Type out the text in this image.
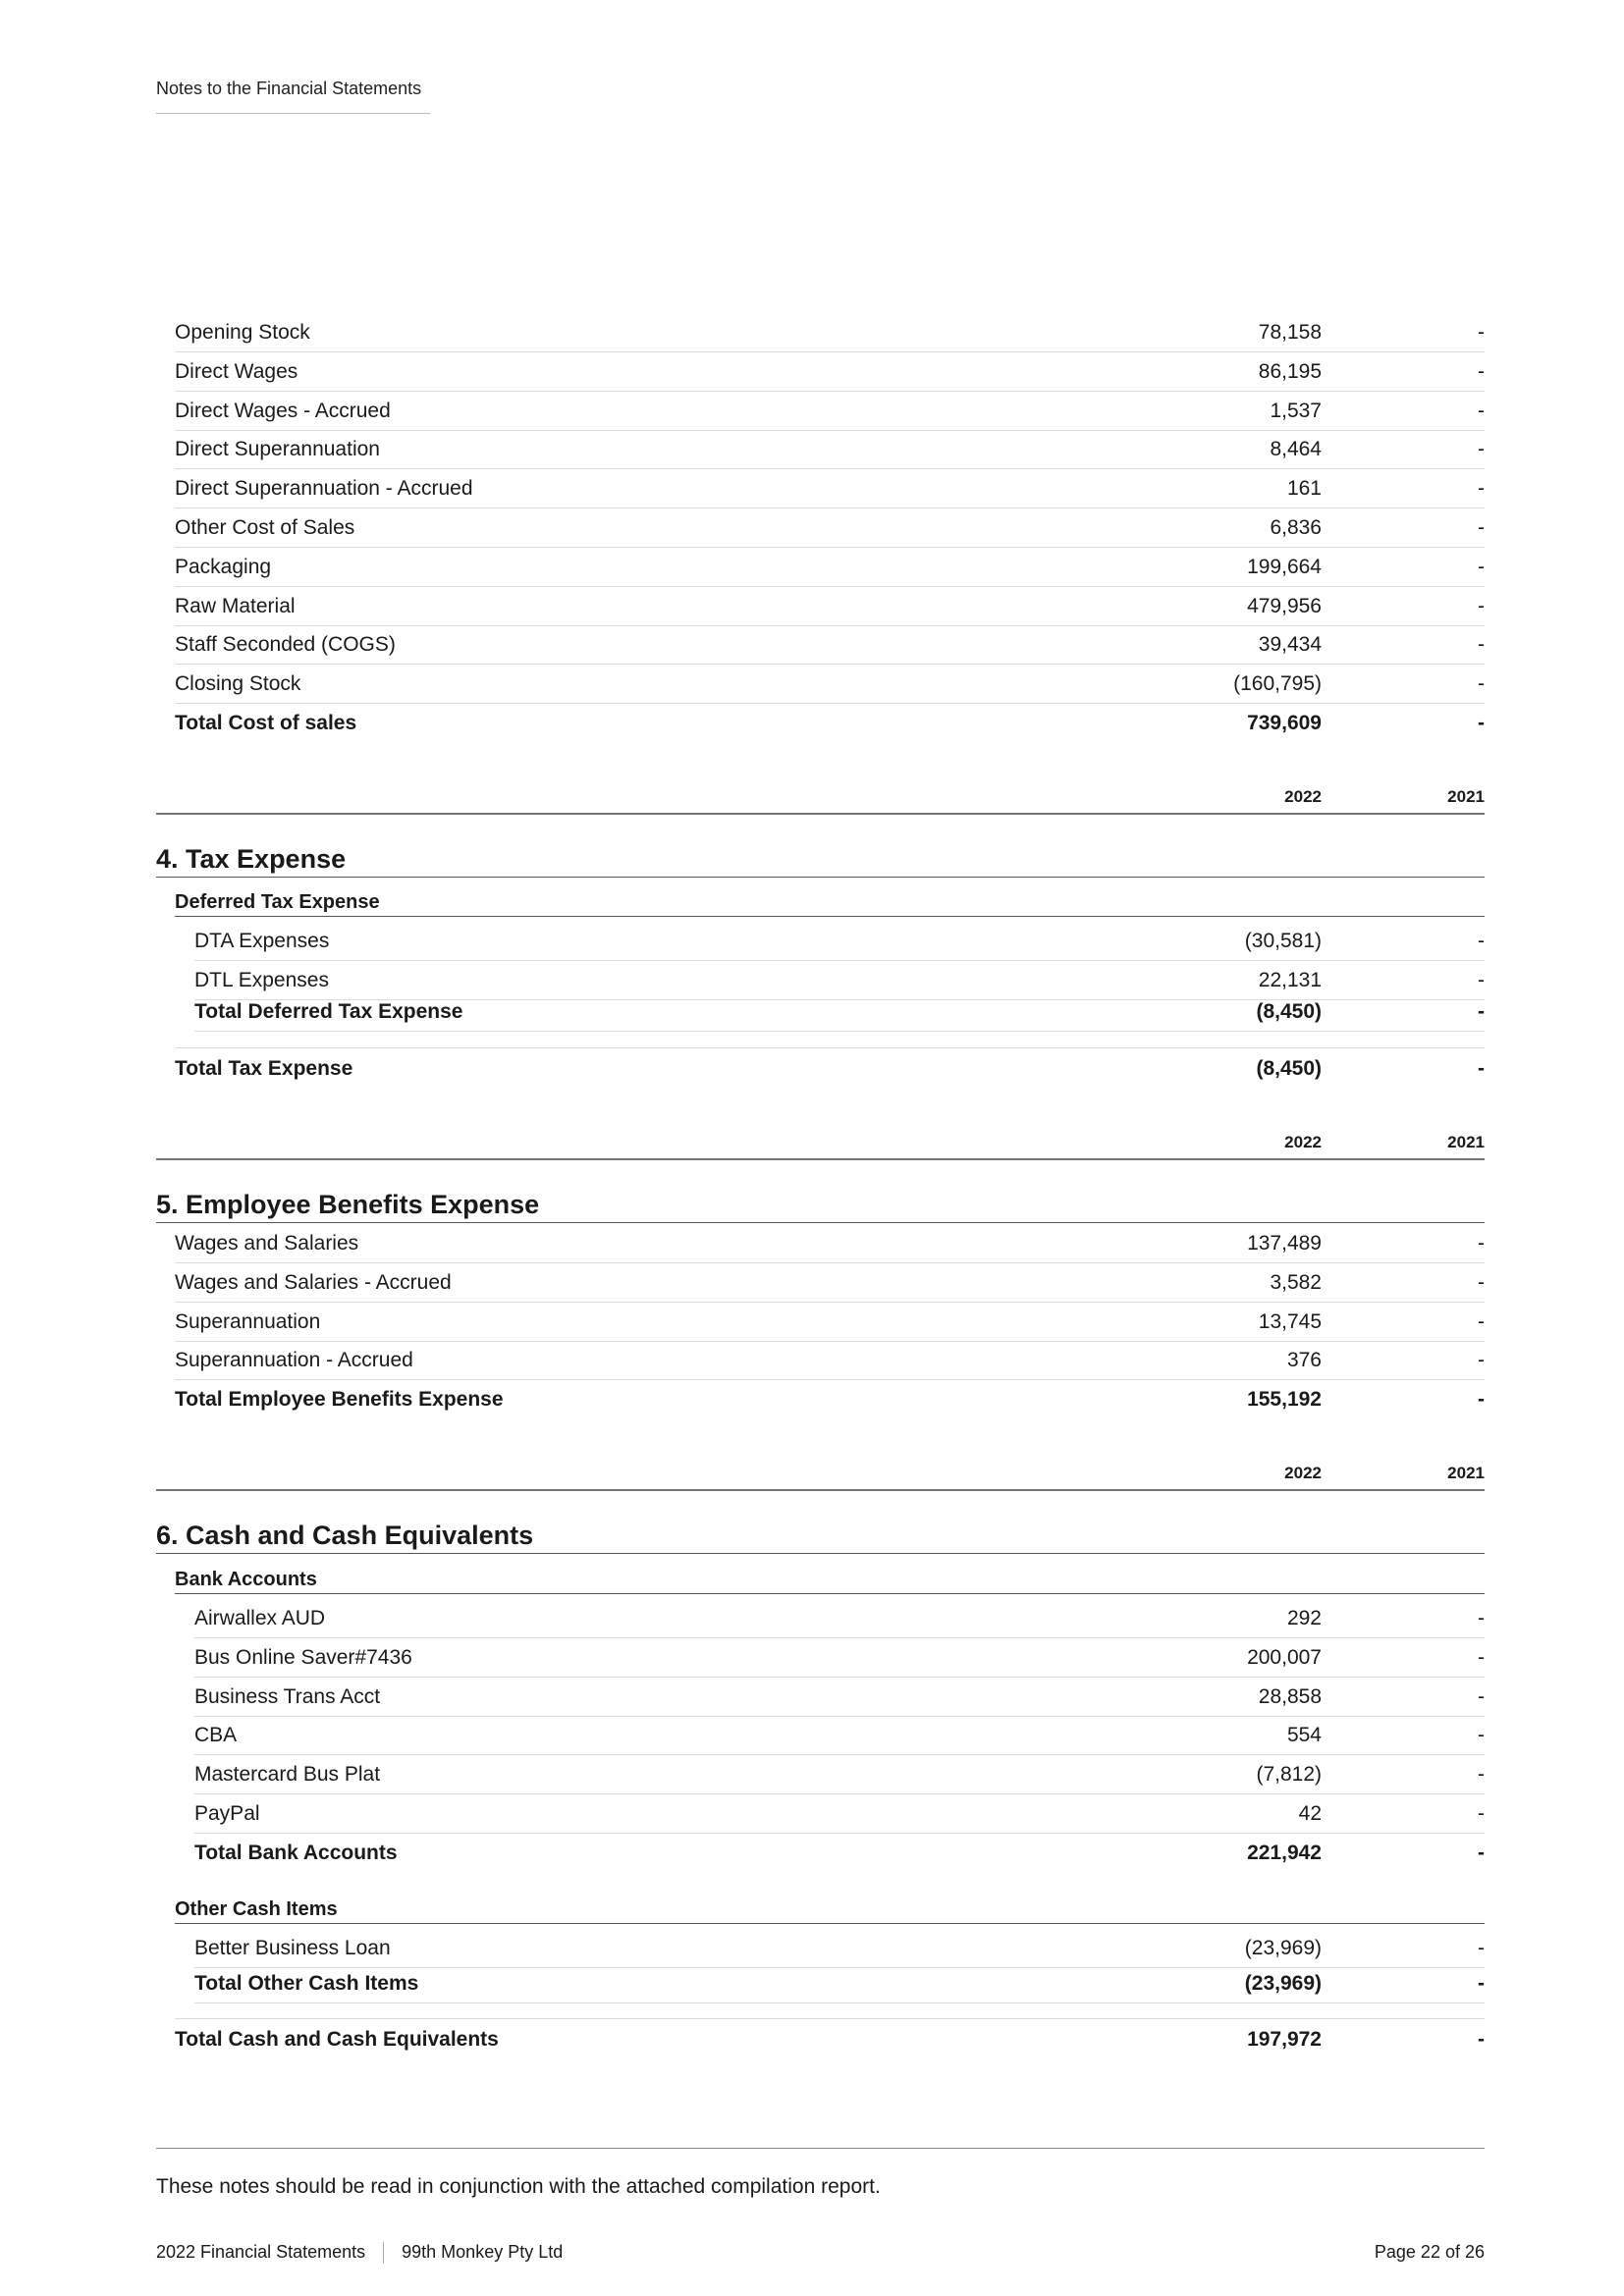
Notes to the Financial Statements
Opening Stock	78,158	-
Direct Wages	86,195	-
Direct Wages - Accrued	1,537	-
Direct Superannuation	8,464	-
Direct Superannuation - Accrued	161	-
Other Cost of Sales	6,836	-
Packaging	199,664	-
Raw Material	479,956	-
Staff Seconded (COGS)	39,434	-
Closing Stock	(160,795)	-
Total Cost of sales	739,609	-
2022	2021
4. Tax Expense
Deferred Tax Expense
DTA Expenses	(30,581)	-
DTL Expenses	22,131	-
Total Deferred Tax Expense	(8,450)	-
Total Tax Expense	(8,450)	-
2022	2021
5. Employee Benefits Expense
Wages and Salaries	137,489	-
Wages and Salaries - Accrued	3,582	-
Superannuation	13,745	-
Superannuation - Accrued	376	-
Total Employee Benefits Expense	155,192	-
2022	2021
6. Cash and Cash Equivalents
Bank Accounts
Airwallex AUD	292	-
Bus Online Saver#7436	200,007	-
Business Trans Acct	28,858	-
CBA	554	-
Mastercard Bus Plat	(7,812)	-
PayPal	42	-
Total Bank Accounts	221,942	-
Other Cash Items
Better Business Loan	(23,969)	-
Total Other Cash Items	(23,969)	-
Total Cash and Cash Equivalents	197,972	-
These notes should be read in conjunction with the attached compilation report.
2022 Financial Statements 99th Monkey Pty Ltd	Page 22 of 26
